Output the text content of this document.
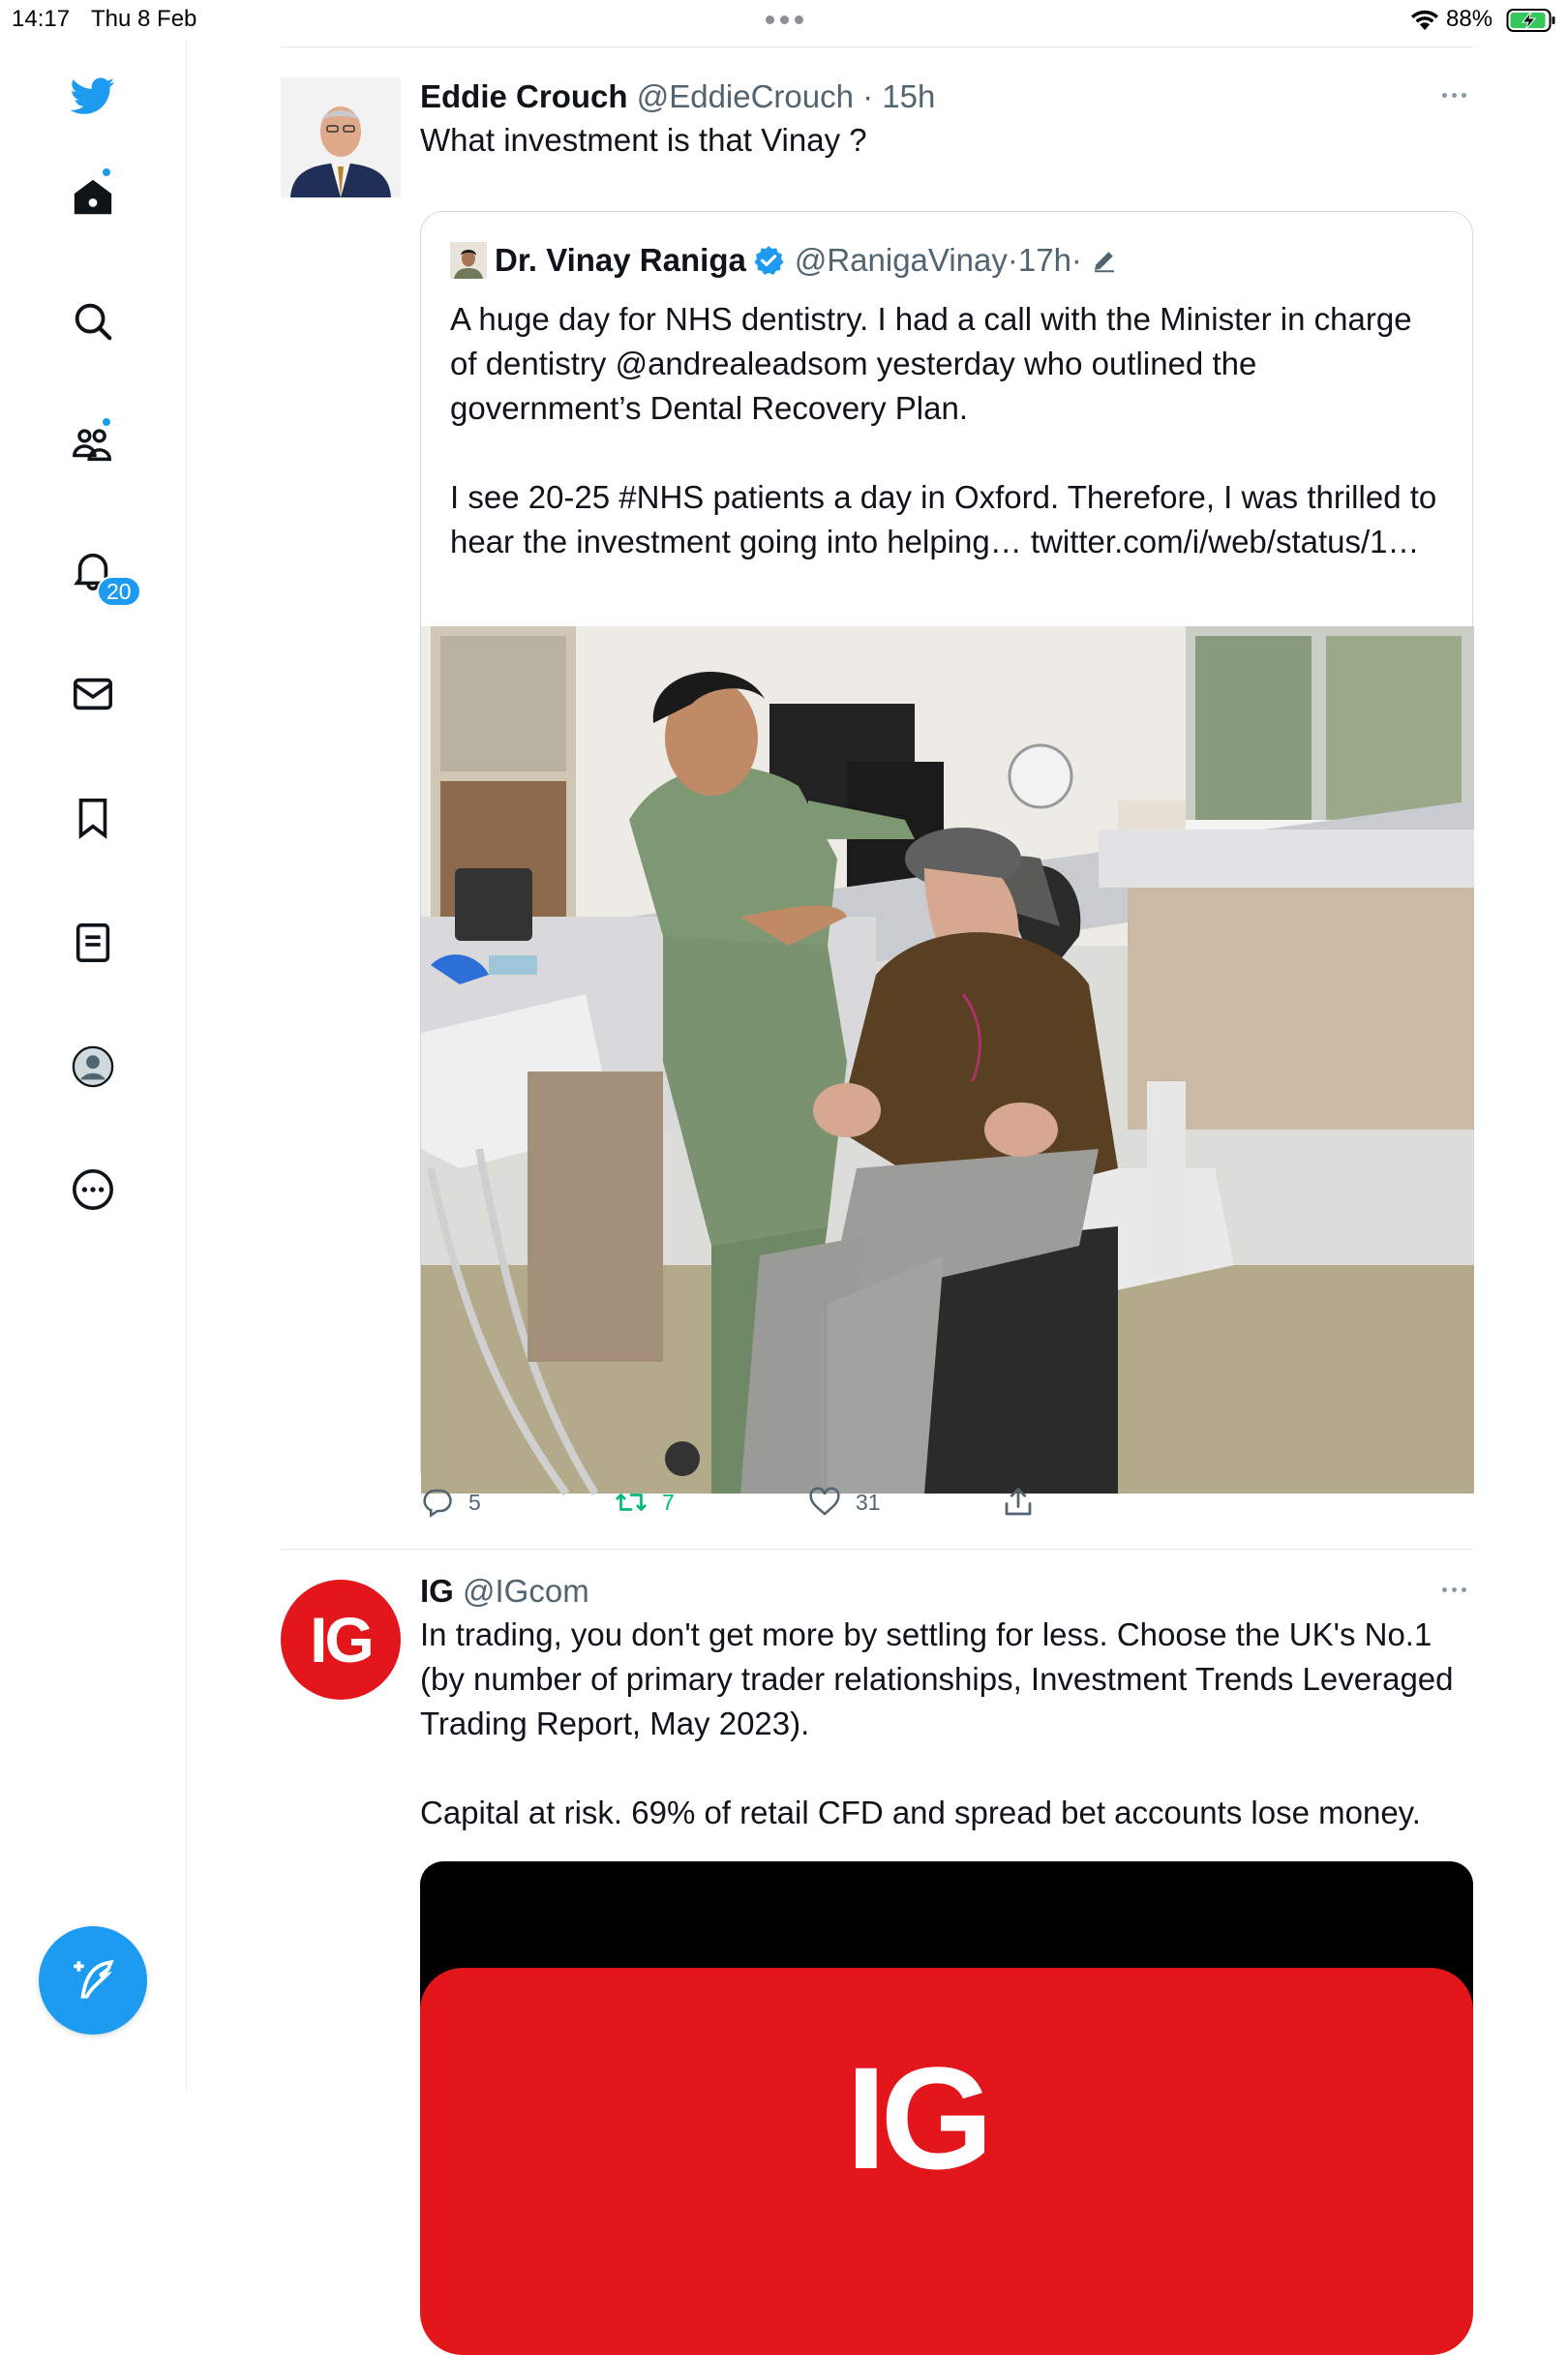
14:17 Thu 8 Feb	88%
20
Eddie Crouch @EddieCrouch · 15h
What investment is that Vinay ?
Dr. Vinay Raniga @RanigaVinay · 17h ·
A huge day for NHS dentistry. I had a call with the Minister in charge of dentistry @andrealeadsom yesterday who outlined the government’s Dental Recovery Plan.

I see 20-25 #NHS patients a day in Oxford. Therefore, I was thrilled to hear the investment going into helping… twitter.com/i/web/status/1…
5	7	31
IG
IG @IGcom
In trading, you don't get more by settling for less. Choose the UK's No.1 (by number of primary trader relationships, Investment Trends Leveraged Trading Report, May 2023).

Capital at risk. 69% of retail CFD and spread bet accounts lose money.
IG
